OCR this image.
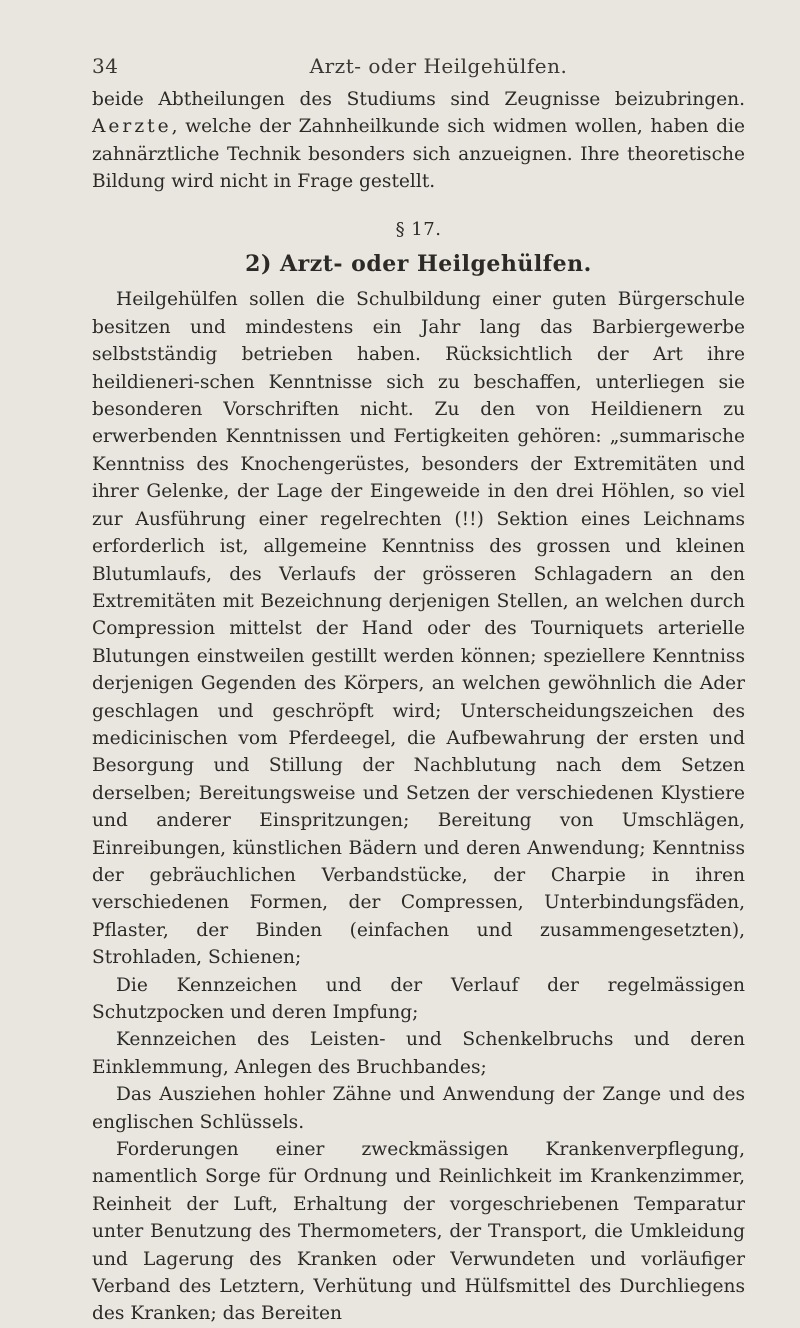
34	Arzt- oder Heilgehülfen.

beide Abtheilungen des Studiums sind Zeugnisse beizubringen. Aerzte, welche der Zahnheilkunde sich widmen wollen, haben die zahnärztliche Technik besonders sich anzueignen. Ihre theoretische Bildung wird nicht in Frage gestellt.

§ 17.
2) Arzt- oder Heilgehülfen.

Heilgehülfen sollen die Schulbildung einer guten Bürgerschule besitzen und mindestens ein Jahr lang das Barbiergewerbe selbstständig betrieben haben. Rücksichtlich der Art ihre heildieneri-schen Kenntnisse sich zu beschaffen, unterliegen sie besonderen Vorschriften nicht. Zu den von Heildienern zu erwerbenden Kenntnissen und Fertigkeiten gehören: „summarische Kenntniss des Knochengerüstes, besonders der Extremitäten und ihrer Gelenke, der Lage der Eingeweide in den drei Höhlen, so viel zur Ausführung einer regelrechten (!!) Sektion eines Leichnams erforderlich ist, allgemeine Kenntniss des grossen und kleinen Blutumlaufs, des Verlaufs der grösseren Schlagadern an den Extremitäten mit Bezeichnung derjenigen Stellen, an welchen durch Compression mittelst der Hand oder des Tourniquets arterielle Blutungen einstweilen gestillt werden können; speziellere Kenntniss derjenigen Gegenden des Körpers, an welchen gewöhnlich die Ader geschlagen und geschröpft wird; Unterscheidungszeichen des medicinischen vom Pferdeegel, die Aufbewahrung der ersten und Besorgung und Stillung der Nachblutung nach dem Setzen derselben; Bereitungsweise und Setzen der verschiedenen Klystiere und anderer Einspritzungen; Bereitung von Umschlägen, Einreibungen, künstlichen Bädern und deren Anwendung; Kenntniss der gebräuchlichen Verbandstücke, der Charpie in ihren verschiedenen Formen, der Compressen, Unterbindungsfäden, Pflaster, der Binden (einfachen und zusammengesetzten), Strohladen, Schienen;

Die Kennzeichen und der Verlauf der regelmässigen Schutzpocken und deren Impfung;

Kennzeichen des Leisten- und Schenkelbruchs und deren Einklemmung, Anlegen des Bruchbandes;

Das Ausziehen hohler Zähne und Anwendung der Zange und des englischen Schlüssels.

Forderungen einer zweckmässigen Krankenverpflegung, namentlich Sorge für Ordnung und Reinlichkeit im Krankenzimmer, Reinheit der Luft, Erhaltung der vorgeschriebenen Temparatur unter Benutzung des Thermometers, der Transport, die Umkleidung und Lagerung des Kranken oder Verwundeten und vorläufiger Verband des Letztern, Verhütung und Hülfsmittel des Durchliegens des Kranken; das Bereiten
